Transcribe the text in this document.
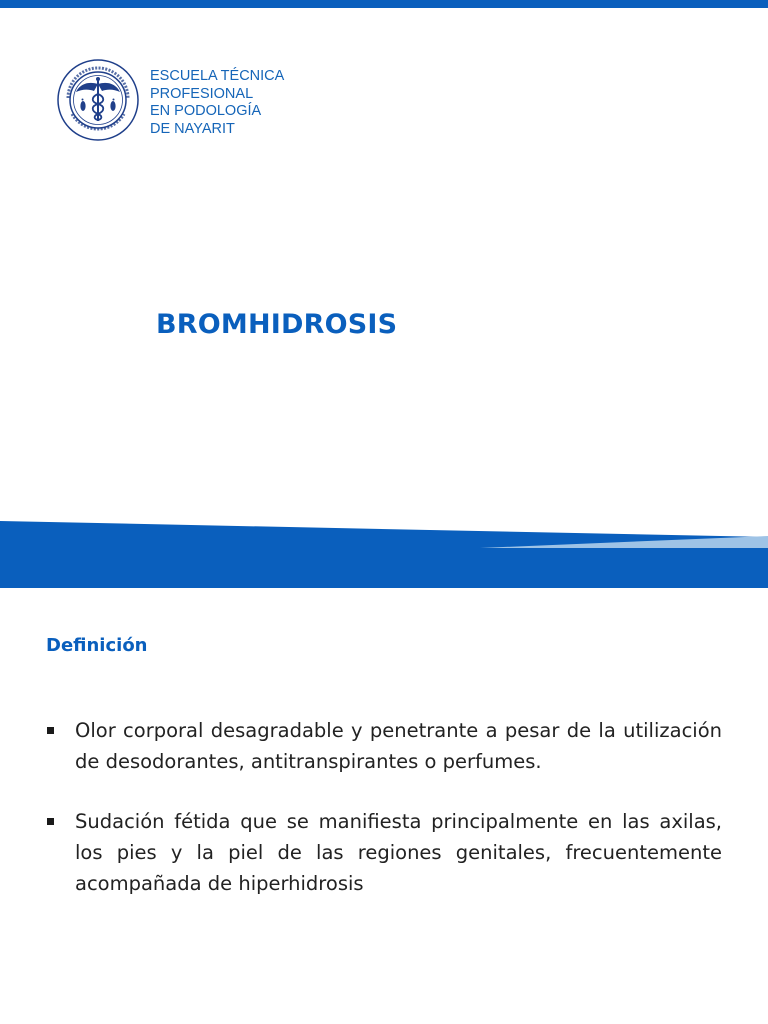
ESCUELA TÉCNICA
PROFESIONAL
EN PODOLOGÍA
DE NAYARIT
BROMHIDROSIS
Definición
Olor corporal desagradable y penetrante a pesar de la utilización de desodorantes, antitranspirantes o perfumes.
Sudación fétida que se manifiesta principalmente en las axilas, los pies y la piel de las regiones genitales, frecuentemente acompañada de hiperhidrosis
